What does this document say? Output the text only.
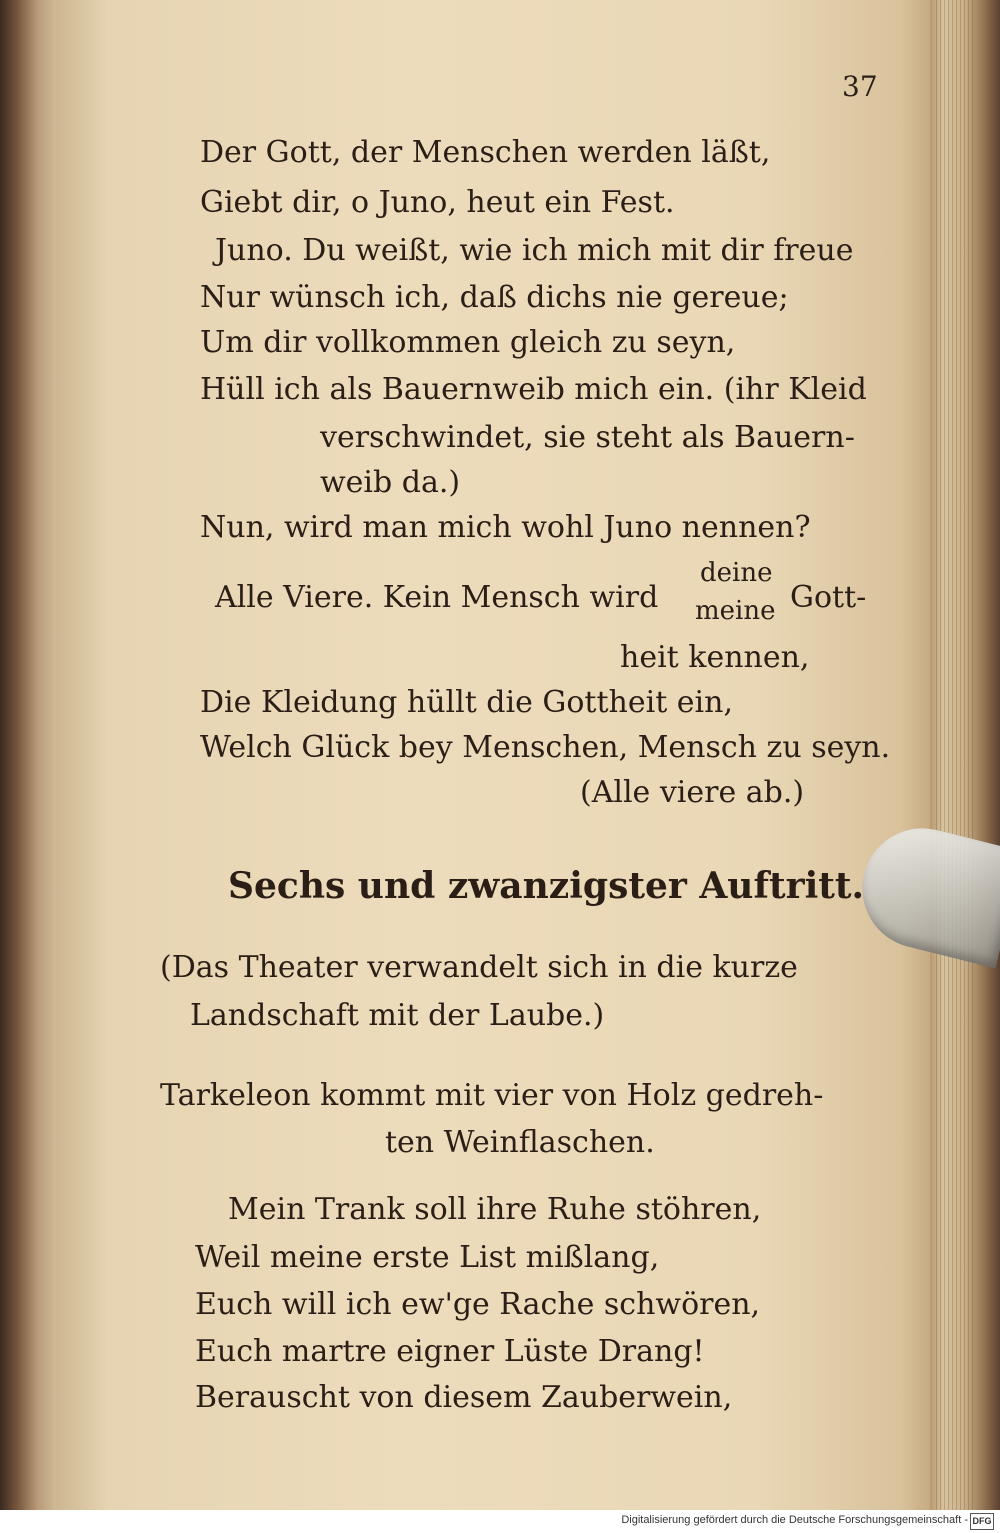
37
Der Gott, der Menschen werden läßt,
Giebt dir, o Juno, heut ein Fest.
Juno. Du weißt, wie ich mich mit dir freue
Nur wünsch ich, daß dichs nie gereue;
Um dir vollkommen gleich zu seyn,
Hüll ich als Bauernweib mich ein. (ihr Kleid
verschwindet, sie steht als Bauern-
weib da.)
Nun, wird man mich wohl Juno nennen?
Alle Viere. Kein Mensch wird
deine
meine Gott-
heit kennen,
Die Kleidung hüllt die Gottheit ein,
Welch Glück bey Menschen, Mensch zu seyn.
(Alle viere ab.)
Sechs und zwanzigster Auftritt.
(Das Theater verwandelt sich in die kurze
Landschaft mit der Laube.)
Tarkeleon kommt mit vier von Holz gedreh-
ten Weinflaschen.
Mein Trank soll ihre Ruhe stöhren,
Weil meine erste List mißlang,
Euch will ich ew'ge Rache schwören,
Euch martre eigner Lüste Drang!
Berauscht von diesem Zauberwein,
Digitalisierung gefördert durch die Deutsche Forschungsgemeinschaft - DFG
